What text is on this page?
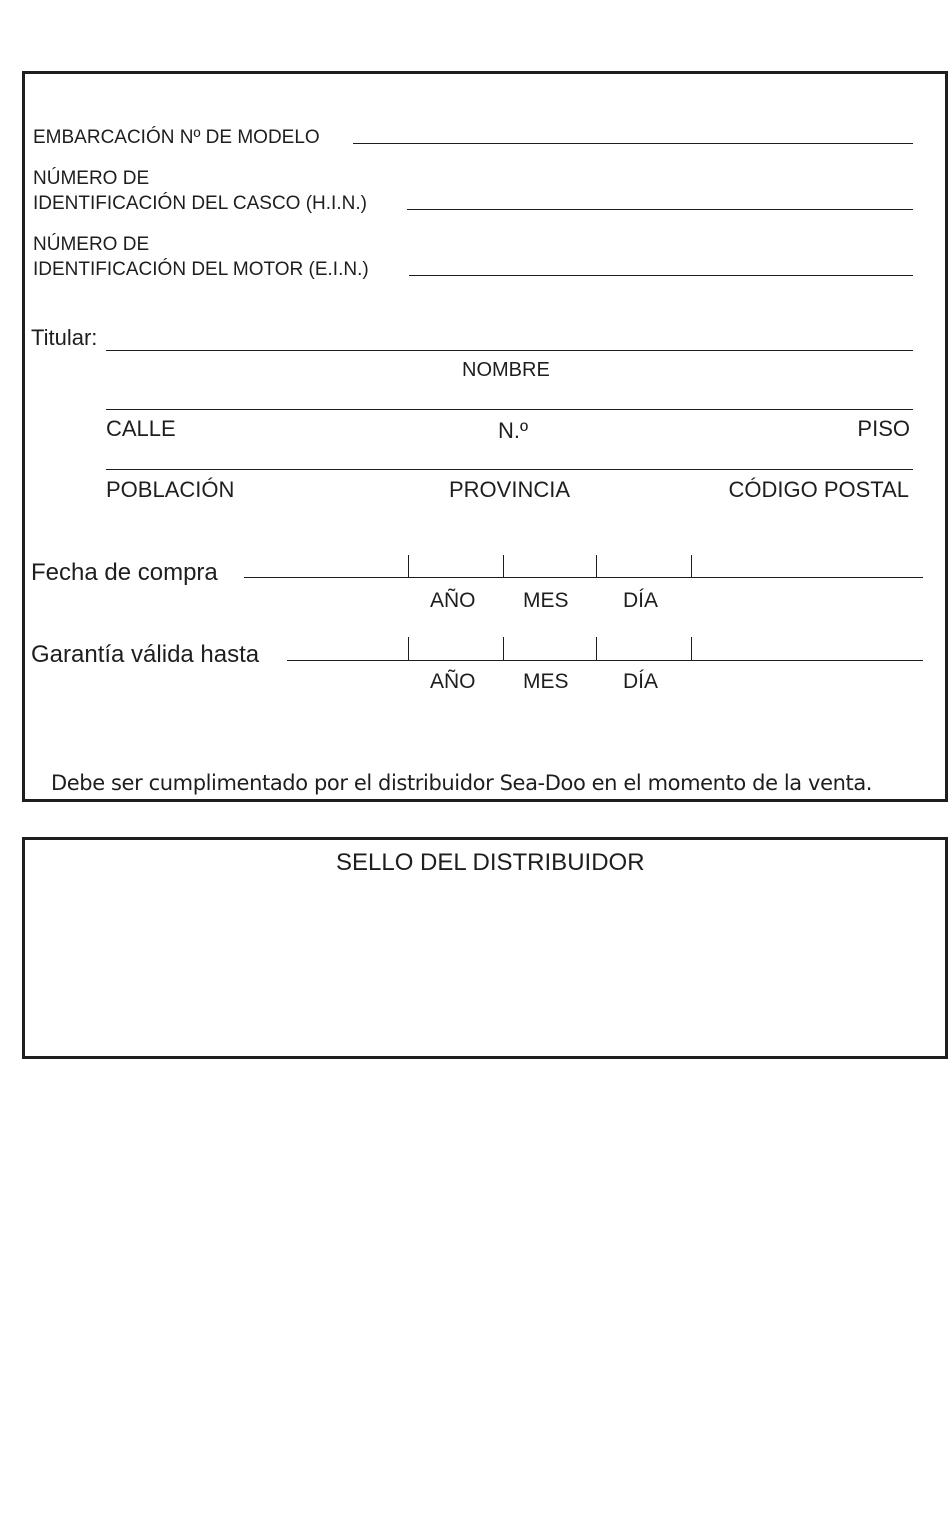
EMBARCACIÓN Nº DE MODELO
NÚMERO DE
IDENTIFICACIÓN DEL CASCO (H.I.N.)
NÚMERO DE
IDENTIFICACIÓN DEL MOTOR (E.I.N.)
Titular:
NOMBRE
CALLE	N.º	PISO
POBLACIÓN	PROVINCIA	CÓDIGO POSTAL
Fecha de compra
AÑO MES	DÍA
Garantía válida hasta
AÑO MES	DÍA
Debe ser cumplimentado por el distribuidor Sea-Doo en el momento de la venta.
SELLO DEL DISTRIBUIDOR
